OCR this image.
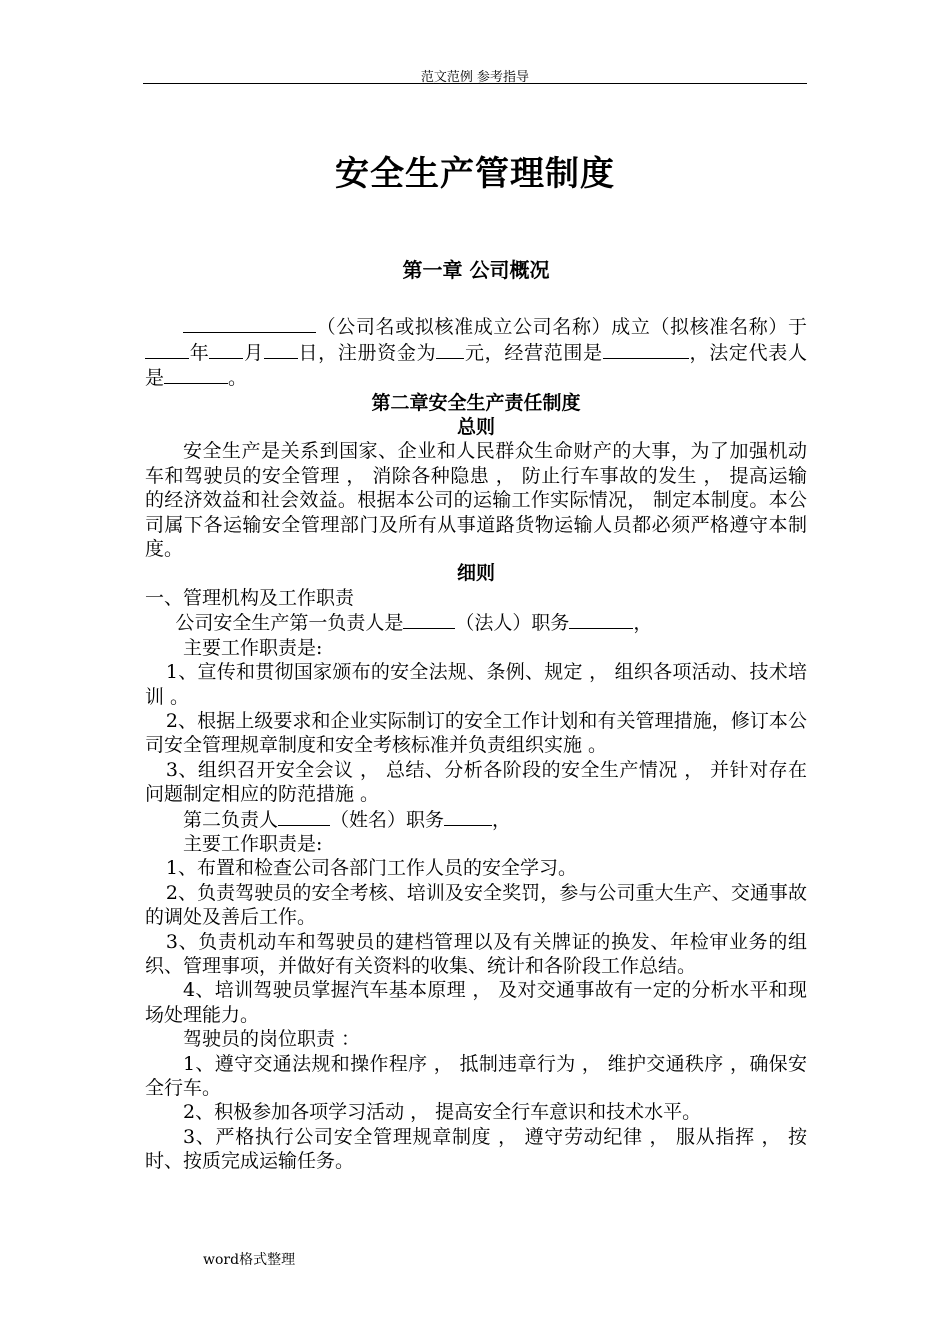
范文范例 参考指导
安全生产管理制度

第一章 公司概况

（公司名或拟核准成立公司名称）成立（拟核准名称）于年 月 日，注册资金为 元，经营范围是	，法定代表人是	。

第二章安全生产责任制度

总则

安全生产是关系到国家、企业和人民群众生命财产的大事，为了加强机动车和驾驶员的安全管理 ， 消除各种隐患 ， 防止行车事故的发生 ， 提高运输的经济效益和社会效益。根据本公司的运输工作实际情况， 制定本制度。本公司属下各运输安全管理部门及所有从事道路货物运输人员都必须严格遵守本制度。

细则

一、管理机构及工作职责

公司安全生产第一负责人是	（法人）职务	，

主要工作职责是:

1、宣传和贯彻国家颁布的安全法规、条例、规定 ， 组织各项活动、技术培训 。

2、根据上级要求和企业实际制订的安全工作计划和有关管理措施，修订本公司安全管理规章制度和安全考核标准并负责组织实施 。

3、组织召开安全会议 ， 总结、分析各阶段的安全生产情况 ， 并针对存在问题制定相应的防范措施 。

第二负责人	（姓名）职务	，

主要工作职责是:

1、布置和检查公司各部门工作人员的安全学习。

2、负责驾驶员的安全考核、培训及安全奖罚，参与公司重大生产、交通事故的调处及善后工作。

3、负责机动车和驾驶员的建档管理以及有关牌证的换发、年检审业务的组织、管理事项，并做好有关资料的收集、统计和各阶段工作总结。

4、培训驾驶员掌握汽车基本原理 ， 及对交通事故有一定的分析水平和现场处理能力。

驾驶员的岗位职责 ：

1、遵守交通法规和操作程序 ， 抵制违章行为 ， 维护交通秩序 ，确保安全行车。

2、积极参加各项学习活动 ， 提高安全行车意识和技术水平。

3、严格执行公司安全管理规章制度 ， 遵守劳动纪律 ， 服从指挥 ， 按时、按质完成运输任务。

word格式整理
